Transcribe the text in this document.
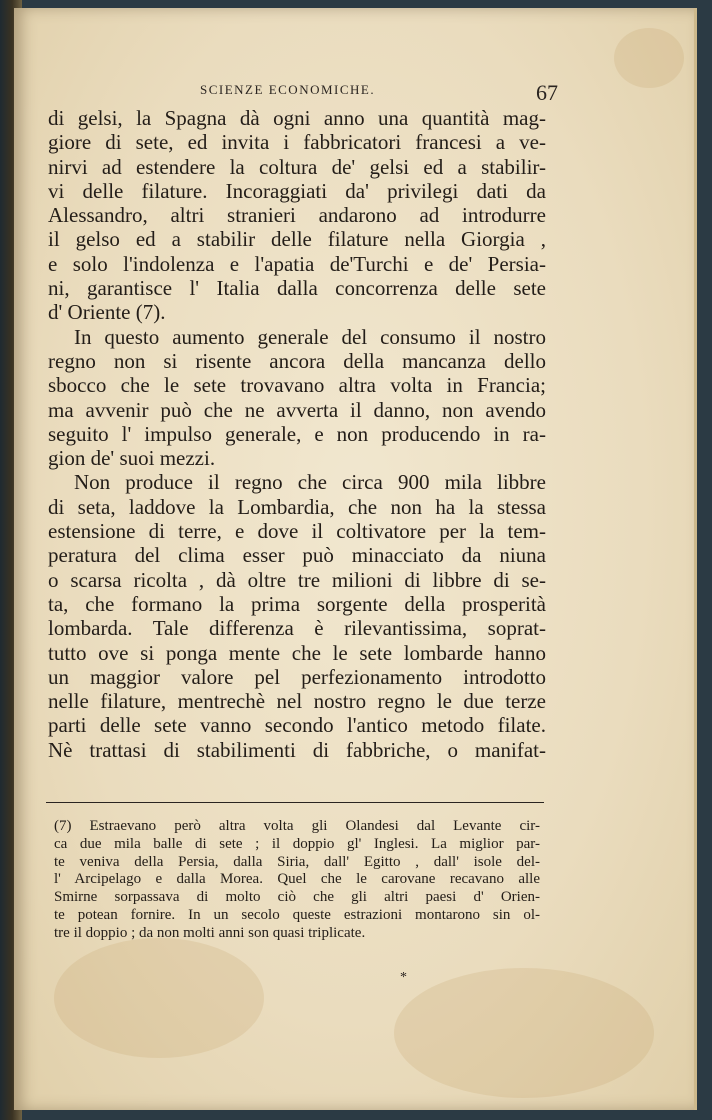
SCIENZE ECONOMICHE.	67
di gelsi, la Spagna dà ogni anno una quantità mag-
giore di sete, ed invita i fabbricatori francesi a ve-
nirvi ad estendere la coltura de' gelsi ed a stabilir-
vi delle filature. Incoraggiati da' privilegi dati da
Alessandro, altri stranieri andarono ad introdurre
il gelso ed a stabilir delle filature nella Giorgia ,
e solo l'indolenza e l'apatia de'Turchi e de' Persia-
ni, garantisce l' Italia dalla concorrenza delle sete
d' Oriente (7).
In questo aumento generale del consumo il nostro
regno non si risente ancora della mancanza dello
sbocco che le sete trovavano altra volta in Francia;
ma avvenir può che ne avverta il danno, non avendo
seguito l' impulso generale, e non producendo in ra-
gion de' suoi mezzi.
Non produce il regno che circa 900 mila libbre
di seta, laddove la Lombardia, che non ha la stessa
estensione di terre, e dove il coltivatore per la tem-
peratura del clima esser può minacciato da niuna
o scarsa ricolta , dà oltre tre milioni di libbre di se-
ta, che formano la prima sorgente della prosperità
lombarda. Tale differenza è rilevantissima, soprat-
tutto ove si ponga mente che le sete lombarde hanno
un maggior valore pel perfezionamento introdotto
nelle filature, mentrechè nel nostro regno le due terze
parti delle sete vanno secondo l'antico metodo filate.
Nè trattasi di stabilimenti di fabbriche, o manifat-
(7) Estraevano però altra volta gli Olandesi dal Levante cir-
ca due mila balle di sete ; il doppio gl' Inglesi. La miglior par-
te veniva della Persia, dalla Siria, dall' Egitto , dall' isole del-
l' Arcipelago e dalla Morea. Quel che le carovane recavano alle
Smirne sorpassava di molto ciò che gli altri paesi d' Orien-
te potean fornire. In un secolo queste estrazioni montarono sin ol-
tre il doppio ; da non molti anni son quasi triplicate.
*
